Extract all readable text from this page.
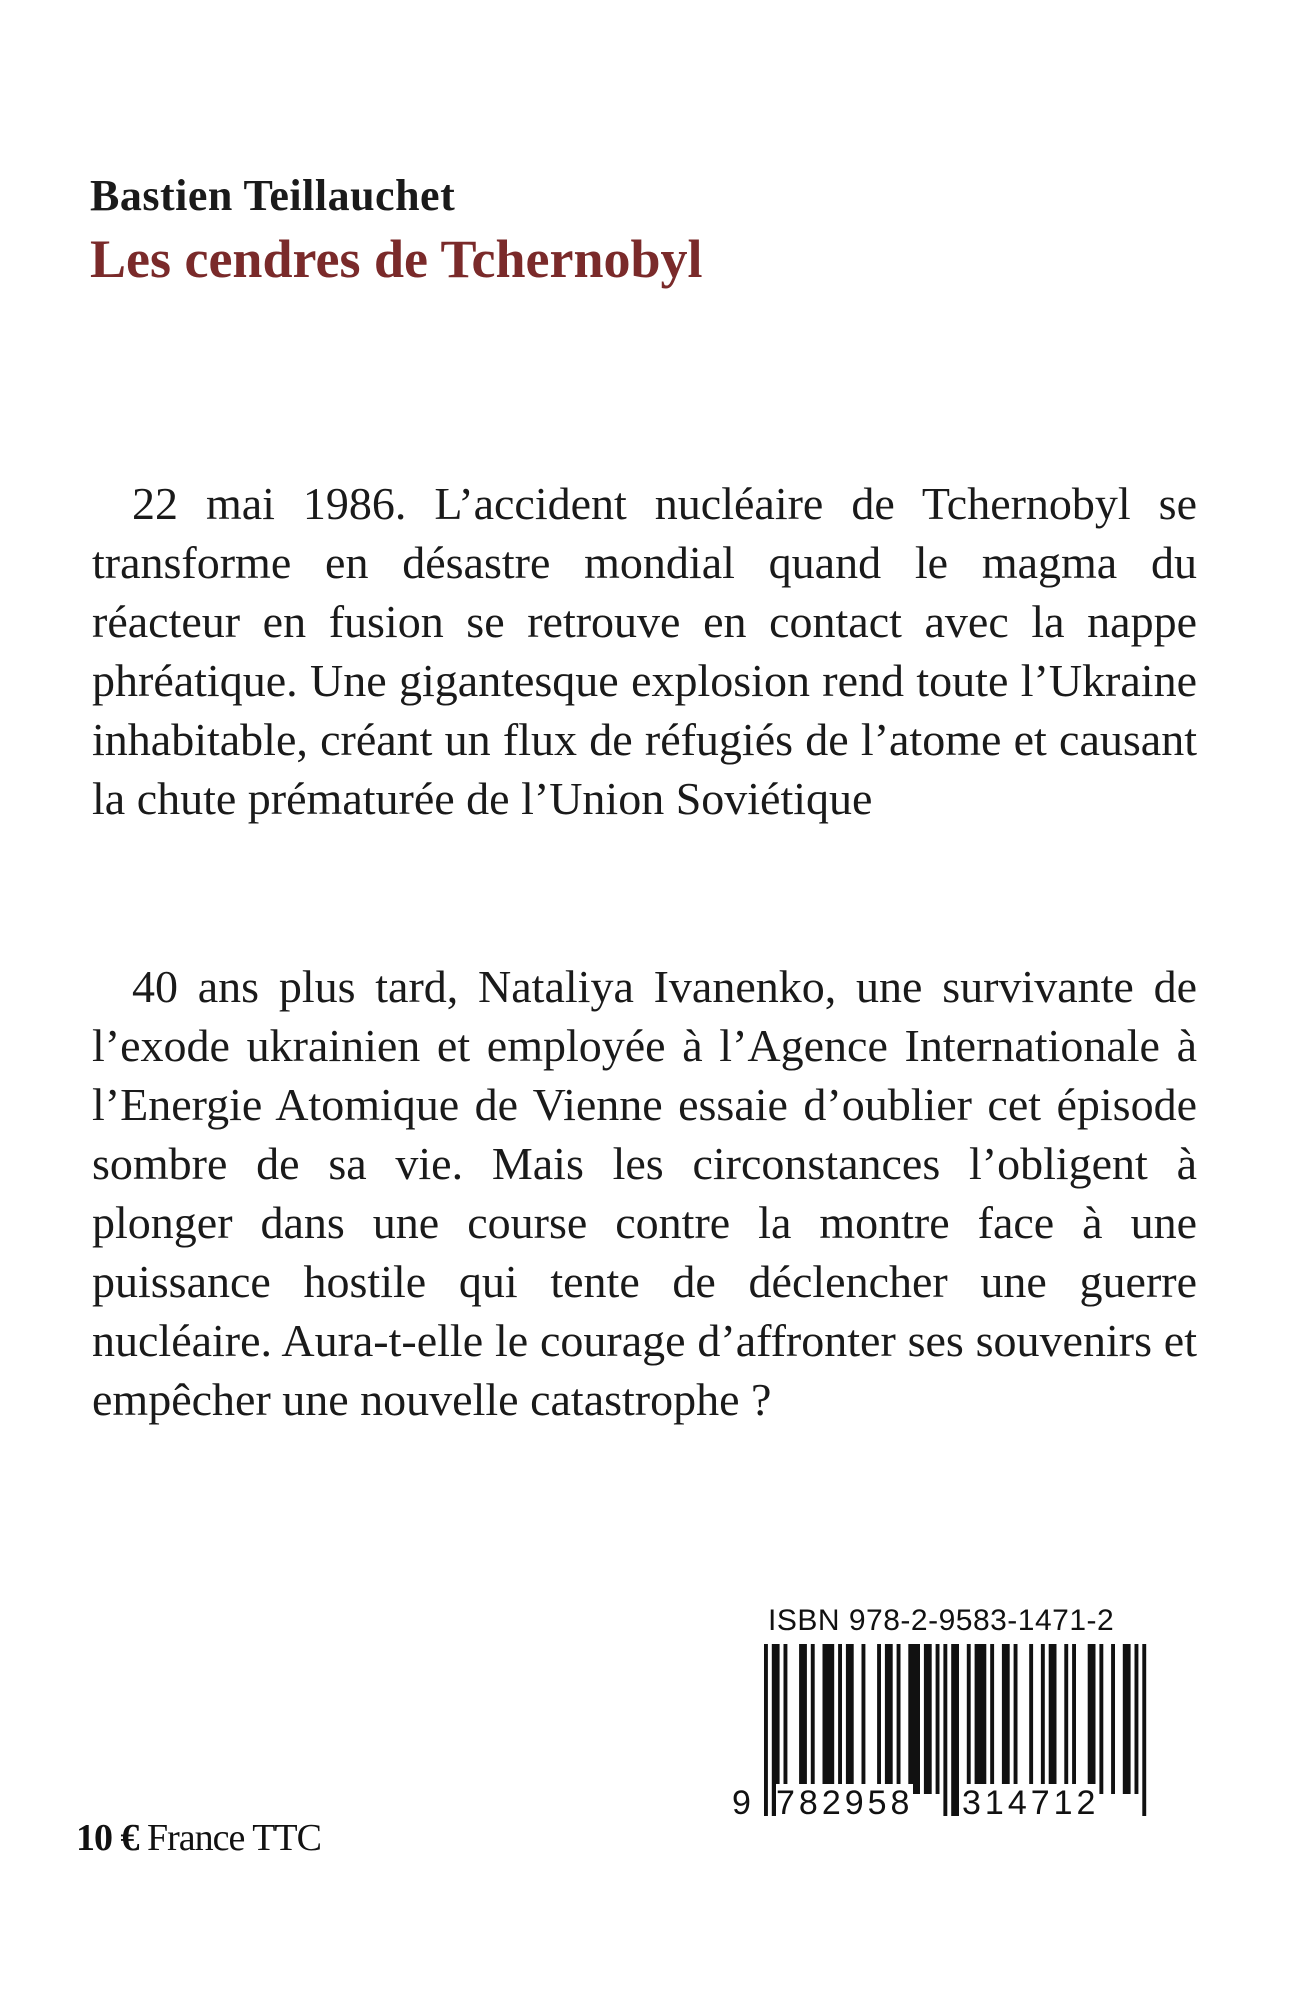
Bastien Teillauchet
Les cendres de Tchernobyl

22 mai 1986. L’accident nucléaire de Tchernobyl se transforme en désastre mondial quand le magma du réacteur en fusion se retrouve en contact avec la nappe phréatique. Une gigantesque explosion rend toute l’Ukraine inhabitable, créant un flux de réfugiés de l’atome et causant la chute prématurée de l’Union Soviétique

40 ans plus tard, Nataliya Ivanenko, une survivante de l’exode ukrainien et employée à l’Agence Internationale à l’Energie Atomique de Vienne essaie d’oublier cet épisode sombre de sa vie. Mais les circonstances l’obligent à plonger dans une course contre la montre face à une puissance hostile qui tente de déclencher une guerre nucléaire. Aura-t-elle le courage d’affronter ses souvenirs et empêcher une nouvelle catastrophe ?

10 € France TTC
ISBN 978-2-9583-1471-2
9 782958 314712
